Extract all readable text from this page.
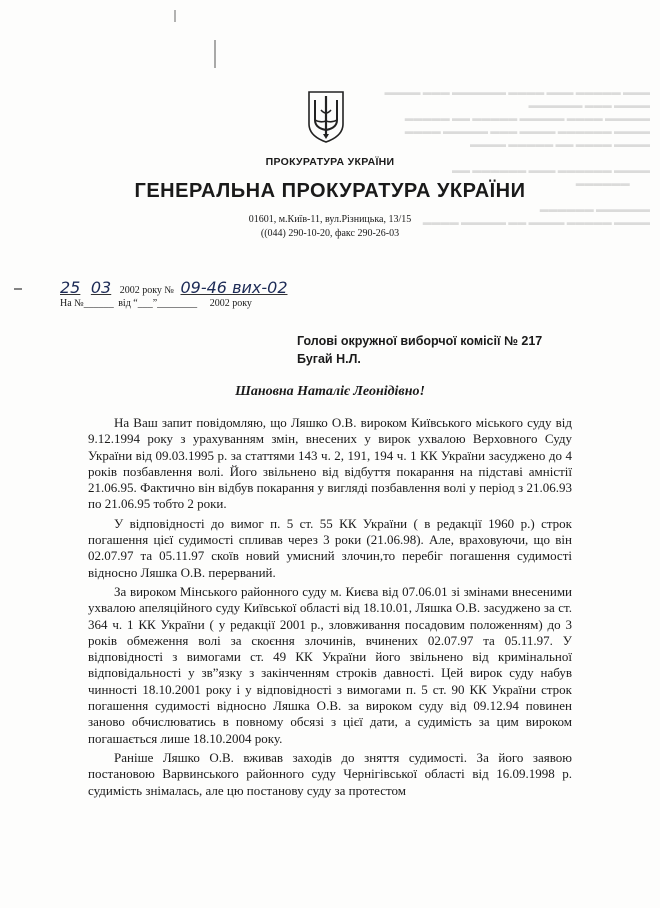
▬▬▬ ▬▬▬▬▬ ▬▬▬ ▬▬▬▬ ▬▬▬▬▬▬ ▬▬▬ ▬▬▬▬
▬▬▬▬ ▬▬▬ ▬▬▬▬▬▬
▬▬▬▬▬ ▬▬▬▬ ▬▬▬▬▬ ▬▬▬▬▬ ▬▬ ▬▬▬▬▬
▬▬▬▬ ▬▬▬▬▬▬ ▬▬▬▬ ▬▬▬ ▬▬▬▬▬ ▬▬▬▬
▬▬▬▬ ▬▬▬▬ ▬▬ ▬▬▬▬▬ ▬▬▬▬

▬▬▬▬ ▬▬▬▬▬▬ ▬▬▬ ▬▬▬▬▬▬ ▬▬
▬▬▬▬▬▬

▬▬▬▬▬▬ ▬▬▬▬▬▬
▬▬▬▬ ▬▬▬▬▬ ▬▬▬▬ ▬▬ ▬▬▬▬▬ ▬▬▬▬
ПРОКУРАТУРА УКРАЇНИ
ГЕНЕРАЛЬНА ПРОКУРАТУРА УКРАЇНИ
01601, м.Київ-11, вул.Різницька, 13/15
((044) 290-10-20, факс 290-26-03
25 03 2002 року № 09-46 вих-02
На №______ від “___”________ 2002 року
Голові окружної виборчої комісії № 217
Бугай Н.Л.
Шановна Наталіє Леонідівно!

На Ваш запит повідомляю, що Ляшко О.В. вироком Київського міського суду від 9.12.1994 року з урахуванням змін, внесених у вирок ухвалою Верховного Суду України від 09.03.1995 р. за статтями 143 ч. 2, 191, 194 ч. 1 КК України засуджено до 4 років позбавлення волі. Його звільнено від відбуття покарання на підставі амністії 21.06.95. Фактично він відбув покарання у вигляді позбавлення волі у період з 21.06.93 по 21.06.95 тобто 2 роки.

У відповідності до вимог п. 5 ст. 55 КК України ( в редакції 1960 р.) строк погашення цієї судимості спливав через 3 роки (21.06.98). Але, враховуючи, що він 02.07.97 та 05.11.97 скоїв новий умисний злочин,то перебіг погашення судимості відносно Ляшка О.В. перерваний.

За вироком Мінського районного суду м. Києва від 07.06.01 зі змінами внесеними ухвалою апеляційного суду Київської області від 18.10.01, Ляшка О.В. засуджено за ст. 364 ч. 1 КК України ( у редакції 2001 р., зловживання посадовим положенням) до 3 років обмеження волі за скоєння злочинів, вчинених 02.07.97 та 05.11.97. У відповідності з вимогами ст. 49 КК України його звільнено від кримінальної відповідальності у зв”язку з закінченням строків давності. Цей вирок суду набув чинності 18.10.2001 року і у відповідності з вимогами п. 5 ст. 90 КК України строк погашення судимості відносно Ляшка О.В. за вироком суду від 09.12.94 повинен заново обчислюватись в повному обсязі з цієї дати, а судимість за цим вироком погашається лише 18.10.2004 року.

Раніше Ляшко О.В. вживав заходів до зняття судимості. За його заявою постановою Варвинського районного суду Чернігівської області від 16.09.1998 р. судимість знімалась, але цю постанову суду за протестом
